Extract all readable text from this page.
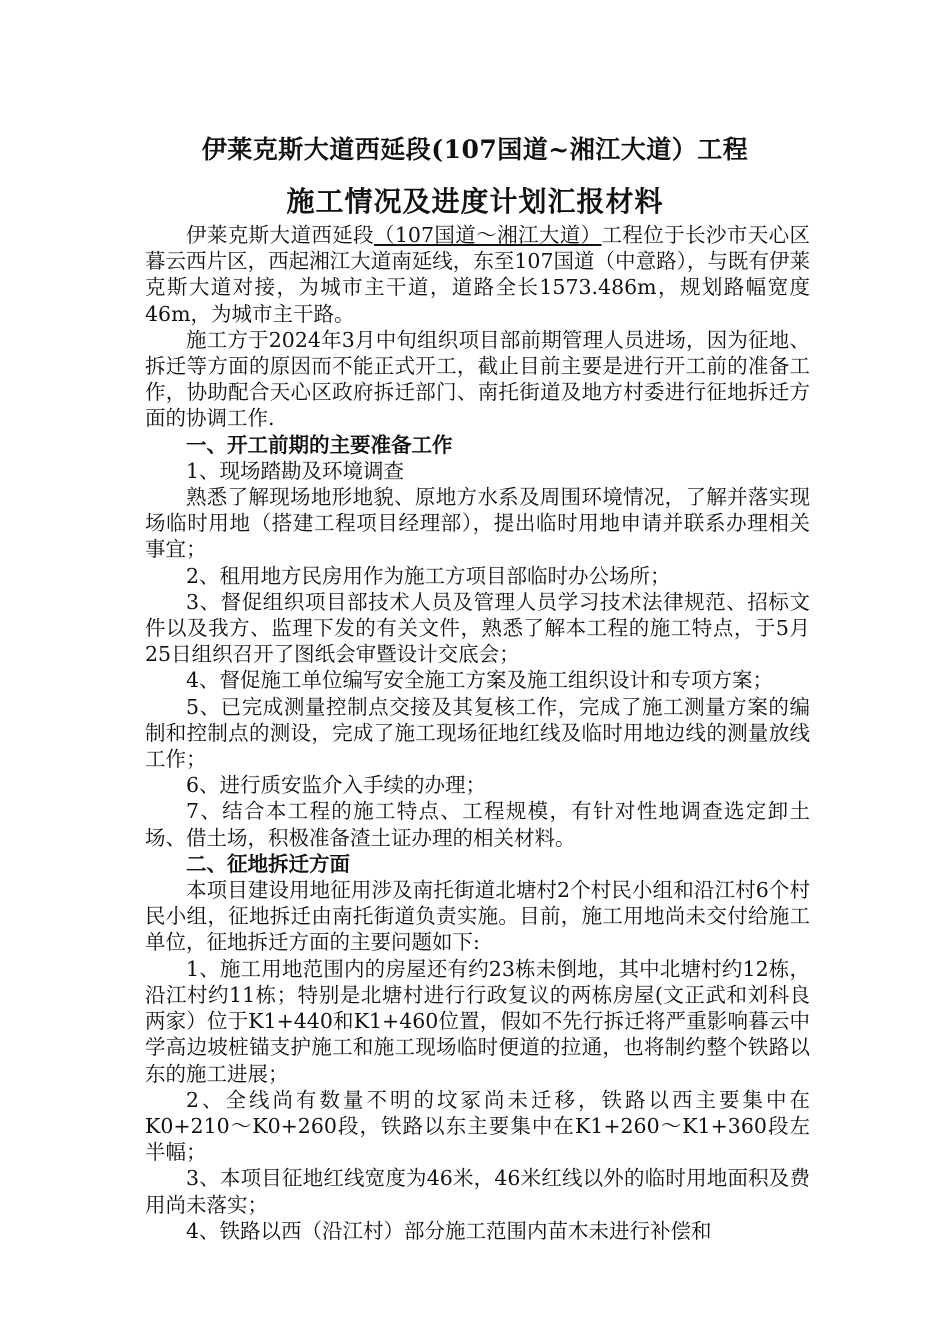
伊莱克斯大道西延段(107国道~湘江大道）工程
施工情况及进度计划汇报材料

伊莱克斯大道西延段（107国道～湘江大道）工程位于长沙市天心区暮云西片区，西起湘江大道南延线，东至107国道（中意路），与既有伊莱克斯大道对接，为城市主干道，道路全长1573.486m，规划路幅宽度46m，为城市主干路。

施工方于2024年3月中旬组织项目部前期管理人员进场，因为征地、拆迁等方面的原因而不能正式开工，截止目前主要是进行开工前的准备工作，协助配合天心区政府拆迁部门、南托街道及地方村委进行征地拆迁方面的协调工作.

一、开工前期的主要准备工作

1、现场踏勘及环境调查

熟悉了解现场地形地貌、原地方水系及周围环境情况，了解并落实现场临时用地（搭建工程项目经理部），提出临时用地申请并联系办理相关事宜；

2、租用地方民房用作为施工方项目部临时办公场所；

3、督促组织项目部技术人员及管理人员学习技术法律规范、招标文件以及我方、监理下发的有关文件，熟悉了解本工程的施工特点，于5月25日组织召开了图纸会审暨设计交底会；

4、督促施工单位编写安全施工方案及施工组织设计和专项方案；

5、已完成测量控制点交接及其复核工作，完成了施工测量方案的编制和控制点的测设，完成了施工现场征地红线及临时用地边线的测量放线工作；

6、进行质安监介入手续的办理；

7、结合本工程的施工特点、工程规模，有针对性地调查选定卸土场、借土场，积极准备渣土证办理的相关材料。

二、征地拆迁方面

本项目建设用地征用涉及南托街道北塘村2个村民小组和沿江村6个村民小组，征地拆迁由南托街道负责实施。目前，施工用地尚未交付给施工单位，征地拆迁方面的主要问题如下:

1、施工用地范围内的房屋还有约23栋未倒地，其中北塘村约12栋，沿江村约11栋；特别是北塘村进行行政复议的两栋房屋(文正武和刘科良两家）位于K1+440和K1+460位置，假如不先行拆迁将严重影响暮云中学高边坡桩锚支护施工和施工现场临时便道的拉通，也将制约整个铁路以东的施工进展；

2、全线尚有数量不明的坟冢尚未迁移，铁路以西主要集中在K0+210～K0+260段，铁路以东主要集中在K1+260～K1+360段左半幅；

3、本项目征地红线宽度为46米，46米红线以外的临时用地面积及费用尚未落实；

4、铁路以西（沿江村）部分施工范围内苗木未进行补偿和
